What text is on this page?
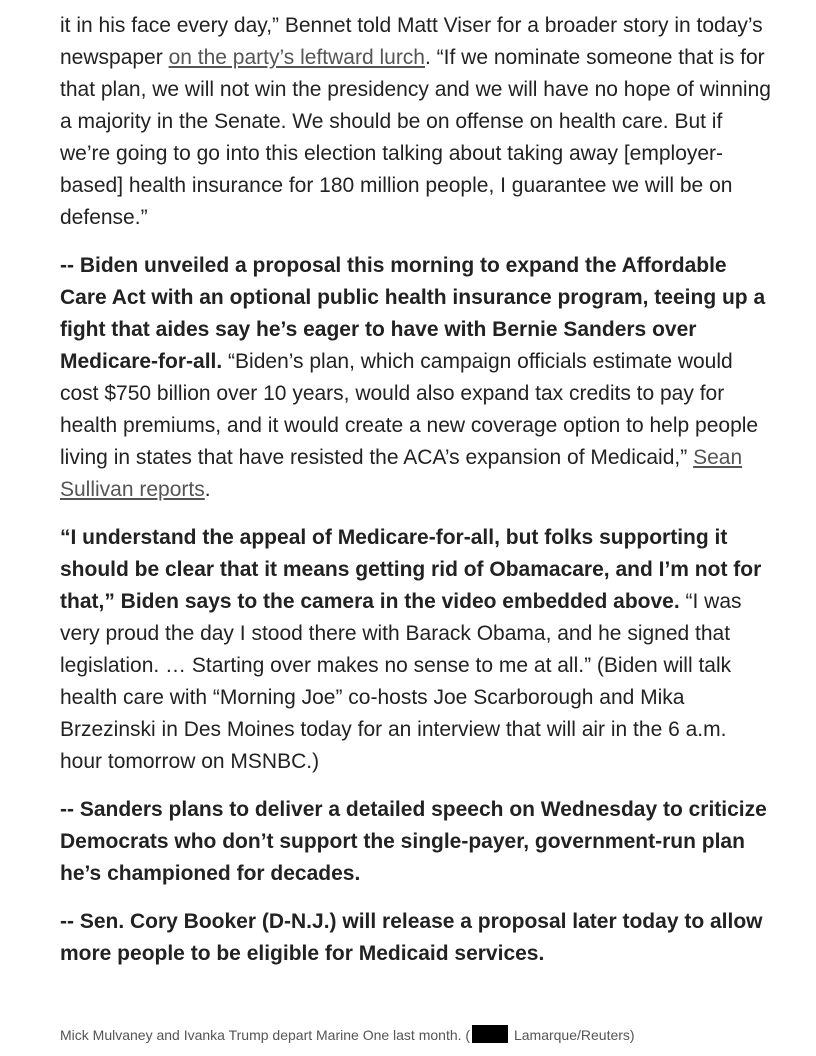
it in his face every day,” Bennet told Matt Viser for a broader story in today’s newspaper on the party’s leftward lurch. “If we nominate someone that is for that plan, we will not win the presidency and we will have no hope of winning a majority in the Senate. We should be on offense on health care. But if we’re going to go into this election talking about taking away [employer-based] health insurance for 180 million people, I guarantee we will be on defense.”

-- Biden unveiled a proposal this morning to expand the Affordable Care Act with an optional public health insurance program, teeing up a fight that aides say he’s eager to have with Bernie Sanders over Medicare-for-all. “Biden’s plan, which campaign officials estimate would cost $750 billion over 10 years, would also expand tax credits to pay for health premiums, and it would create a new coverage option to help people living in states that have resisted the ACA’s expansion of Medicaid,” Sean Sullivan reports.

“I understand the appeal of Medicare-for-all, but folks supporting it should be clear that it means getting rid of Obamacare, and I’m not for that,” Biden says to the camera in the video embedded above. “I was very proud the day I stood there with Barack Obama, and he signed that legislation. … Starting over makes no sense to me at all.” (Biden will talk health care with “Morning Joe” co-hosts Joe Scarborough and Mika Brzezinski in Des Moines today for an interview that will air in the 6 a.m. hour tomorrow on MSNBC.)

-- Sanders plans to deliver a detailed speech on Wednesday to criticize Democrats who don’t support the single-payer, government-run plan he’s championed for decades.

-- Sen. Cory Booker (D-N.J.) will release a proposal later today to allow more people to be eligible for Medicaid services.

Mick Mulvaney and Ivanka Trump depart Marine One last month. (	Lamarque/Reuters)
